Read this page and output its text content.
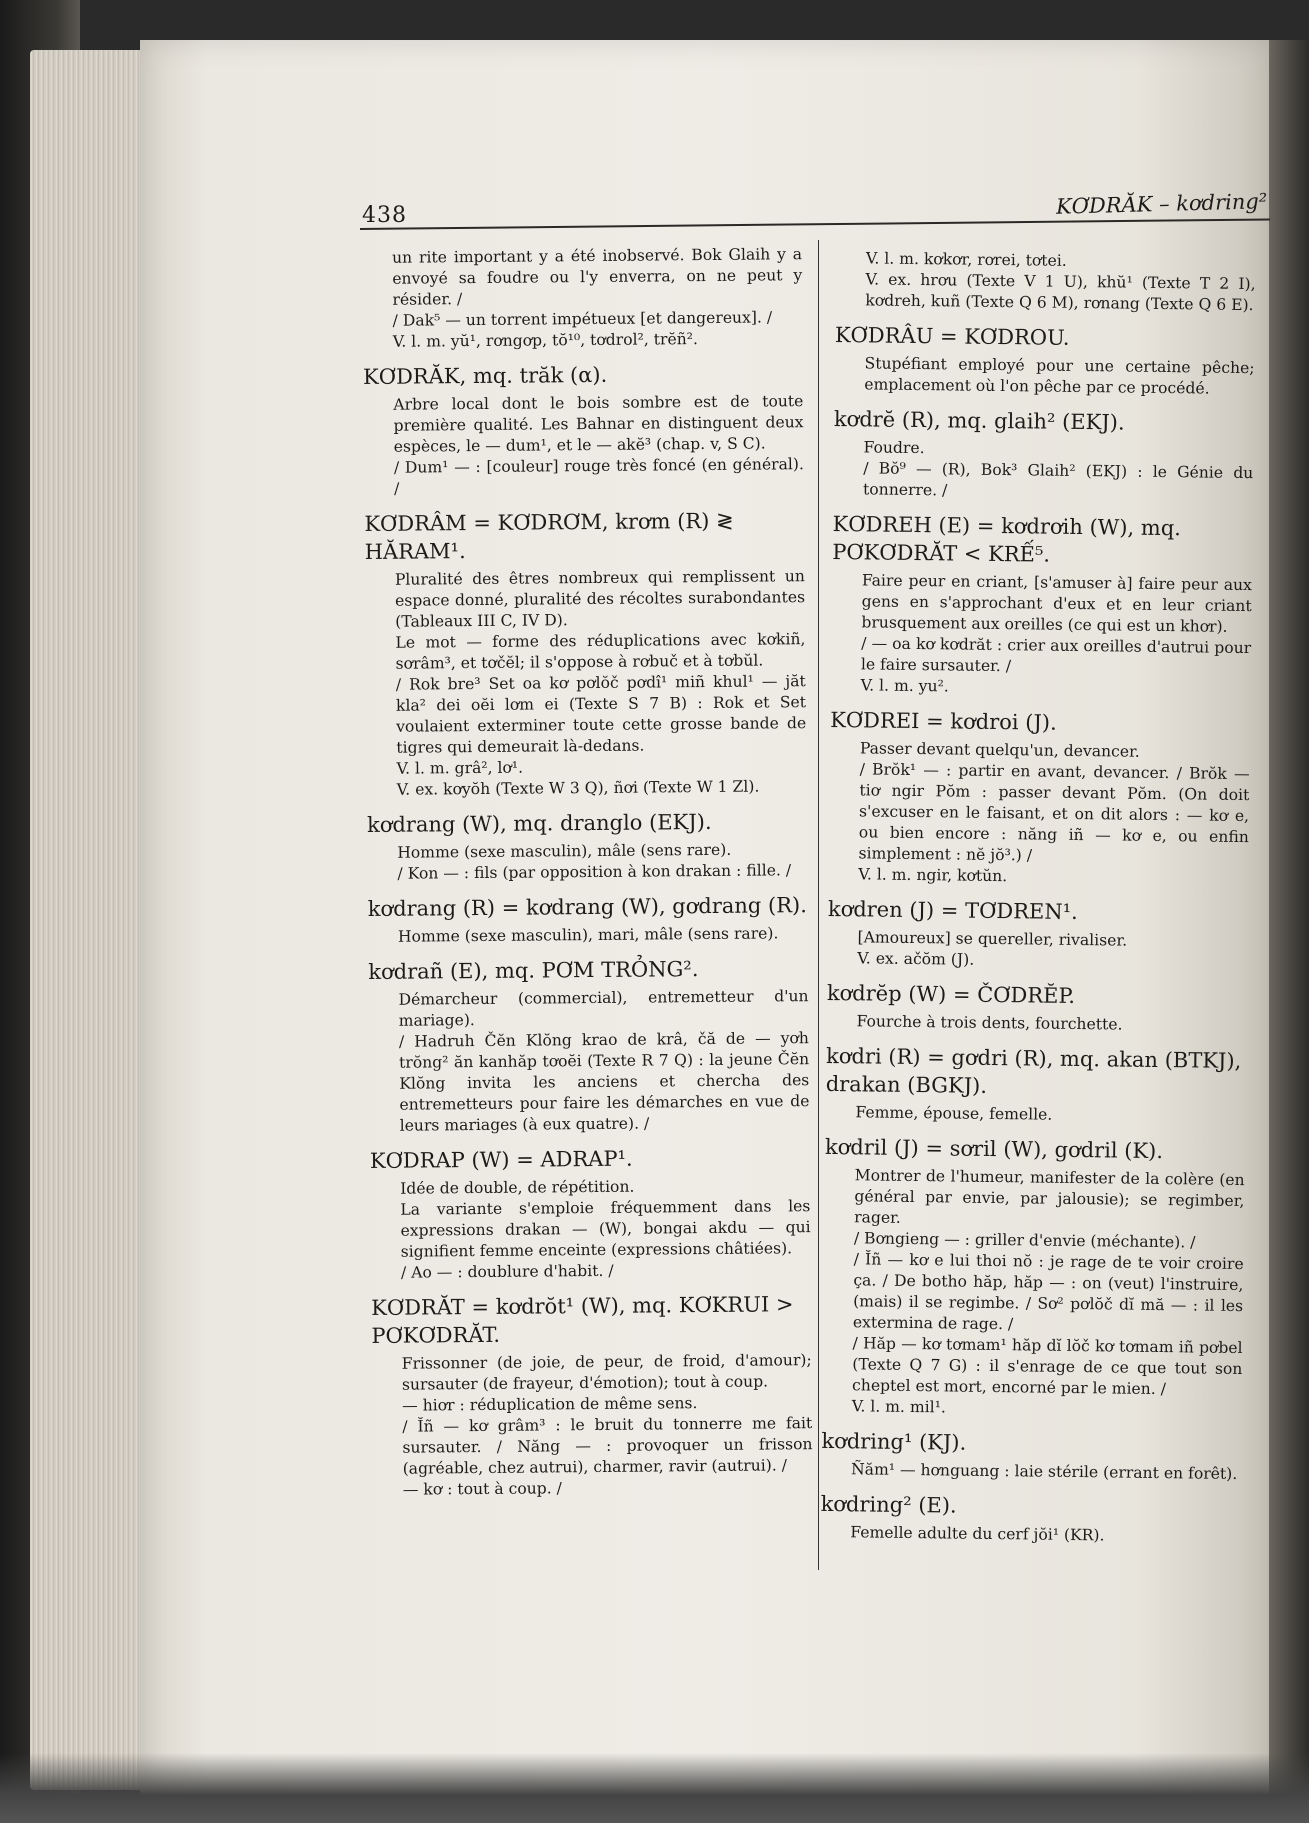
438	KƠDRĂK – kơdring²

un rite important y a été inobservé. Bok Glaih y a envoyé sa foudre ou l'y enverra, on ne peut y résider. /

/ Dak⁵ — un torrent impétueux [et dangereux]. /

V. l. m. yŭ¹, rơngơp, tŏ¹⁰, tơdrol², trĕñ².

KƠDRĂK, mq. trăk (α).

Arbre local dont le bois sombre est de toute première qualité. Les Bahnar en distinguent deux espèces, le — dum¹, et le — akĕ³ (chap. v, S C).

/ Dum¹ — : [couleur] rouge très foncé (en général). /

KƠDRÂM = KƠDRƠM, krơm (R) ≷ HĂRAM¹.

Pluralité des êtres nombreux qui remplissent un espace donné, pluralité des récoltes surabondantes (Tableaux III C, IV D).

Le mot — forme des réduplications avec kơkiñ, sơrâm³, et tơčĕl; il s'oppose à rơbuč et à tơbŭl.

/ Rok bre³ Set oa kơ pơlŏč pơdî¹ miñ khul¹ — jăt kla² dei oĕi lơm ei (Texte S 7 B) : Rok et Set voulaient exterminer toute cette grosse bande de tigres qui demeurait là-dedans.

V. l. m. grâ², lơ¹.

V. ex. kơyŏh (Texte W 3 Q), ñơi (Texte W 1 Zl).

kơdrang (W), mq. dranglo (EKJ).

Homme (sexe masculin), mâle (sens rare).

/ Kon — : fils (par opposition à kon drakan : fille. /

kơdrang (R) = kơdrang (W), gơdrang (R).

Homme (sexe masculin), mari, mâle (sens rare).

kơdrañ (E), mq. PƠM TRỎNG².

Démarcheur (commercial), entremetteur d'un mariage).

/ Hadruh Čĕn Klŏng krao de krâ, čă de — yơh trŏng² ăn kanhăp tơoĕi (Texte R 7 Q) : la jeune Čĕn Klŏng invita les anciens et chercha des entremetteurs pour faire les démarches en vue de leurs mariages (à eux quatre). /

KƠDRAP (W) = ADRAP¹.

Idée de double, de répétition.

La variante s'emploie fréquemment dans les expressions drakan — (W), bongai akdu — qui signifient femme enceinte (expressions châtiées).

/ Ao — : doublure d'habit. /

KƠDRĂT = kơdrŏt¹ (W), mq. KƠKRUI > PƠKƠDRĂT.

Frissonner (de joie, de peur, de froid, d'amour); sursauter (de frayeur, d'émotion); tout à coup.

— hiơr : réduplication de même sens.

/ Ĭñ — kơ grâm³ : le bruit du tonnerre me fait sursauter. / Năng — : provoquer un frisson (agréable, chez autrui), charmer, ravir (autrui). /

— kơ : tout à coup. /

V. l. m. kơkơr, rơrei, tơtei.

V. ex. hrơu (Texte V 1 U), khŭ¹ (Texte T 2 I), kơdreh, kuñ (Texte Q 6 M), rơnang (Texte Q 6 E).

KƠDRÂU = KƠDROU.

Stupéfiant employé pour une certaine pêche; emplacement où l'on pêche par ce procédé.

kơdrĕ (R), mq. glaih² (EKJ).

Foudre.

/ Bŏ⁹ — (R), Bok³ Glaih² (EKJ) : le Génie du tonnerre. /

KƠDREH (E) = kơdrơih (W), mq. PƠKƠDRĂT < KRẾ⁵.

Faire peur en criant, [s'amuser à] faire peur aux gens en s'approchant d'eux et en leur criant brusquement aux oreilles (ce qui est un khơr).

/ — oa kơ kơdrăt : crier aux oreilles d'autrui pour le faire sursauter. /

V. l. m. yu².

KƠDREI = kơdroi (J).

Passer devant quelqu'un, devancer.

/ Brŏk¹ — : partir en avant, devancer. / Brŏk — tiơ ngir Pŏm : passer devant Pŏm. (On doit s'excuser en le faisant, et on dit alors : — kơ e, ou bien encore : năng iñ — kơ e, ou enfin simplement : nĕ jŏ³.) /

V. l. m. ngir, kơtŭn.

kơdren (J) = TƠDREN¹.

[Amoureux] se quereller, rivaliser.

V. ex. ačŏm (J).

kơdrĕp (W) = ČƠDRĔP.

Fourche à trois dents, fourchette.

kơdri (R) = gơdri (R), mq. akan (BTKJ), drakan (BGKJ).

Femme, épouse, femelle.

kơdril (J) = sơril (W), gơdril (K).

Montrer de l'humeur, manifester de la colère (en général par envie, par jalousie); se regimber, rager.

/ Bơngieng — : griller d'envie (méchante). /

/ Ĭñ — kơ e lui thoi nŏ : je rage de te voir croire ça. / De botho hăp, hăp — : on (veut) l'instruire, (mais) il se regimbe. / Sơ² pơlŏč dĭ mă — : il les extermina de rage. /

/ Hăp — kơ tơmam¹ hăp dĭ lŏč kơ tơmam iñ pơbel (Texte Q 7 G) : il s'enrage de ce que tout son cheptel est mort, encorné par le mien. /

V. l. m. mil¹.

kơdring¹ (KJ).

Ñăm¹ — hơnguang : laie stérile (errant en forêt).

kơdring² (E).

Femelle adulte du cerf jŏi¹ (KR).
